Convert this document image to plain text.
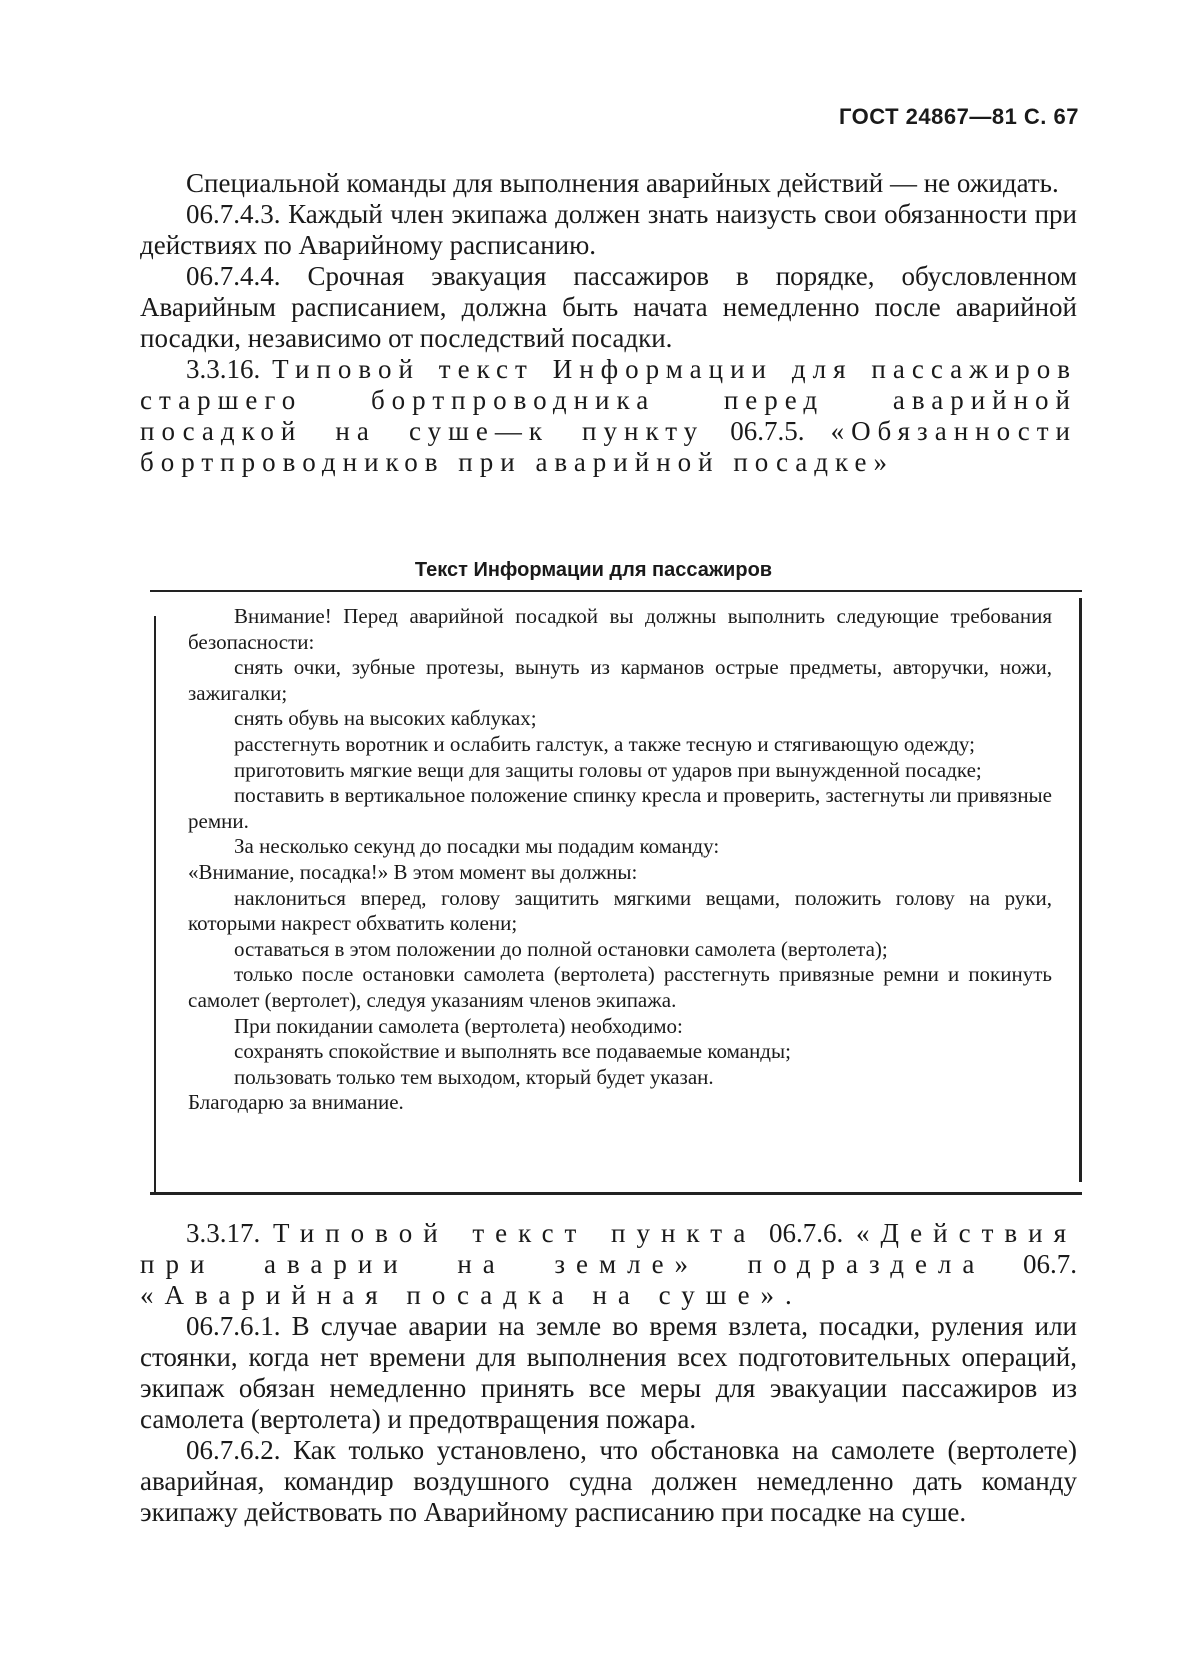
ГОСТ 24867—81 С. 67

Специальной команды для выполнения аварийных действий — не ожидать.

06.7.4.3. Каждый член экипажа должен знать наизусть свои обязанности при действиях по Аварийному расписанию.

06.7.4.4. Срочная эвакуация пассажиров в порядке, обусловленном Аварийным расписанием, должна быть начата немедленно после аварийной посадки, независимо от последствий посадки.

3.3.16. Типовой текст Информации для пассажиров старшего бортпроводника перед аварийной посадкой на суше—к пункту 06.7.5. «Обязанности бортпроводников при аварийной посадке»

Текст Информации для пассажиров

Внимание! Перед аварийной посадкой вы должны выполнить следующие требования безопасности:

снять очки, зубные протезы, вынуть из карманов острые предметы, авторучки, ножи, зажигалки;

снять обувь на высоких каблуках;

расстегнуть воротник и ослабить галстук, а также тесную и стягивающую одежду;

приготовить мягкие вещи для защиты головы от ударов при вынужденной посадке;

поставить в вертикальное положение спинку кресла и проверить, застегнуты ли привязные ремни.

За несколько секунд до посадки мы подадим команду:

«Внимание, посадка!» В этом момент вы должны:

наклониться вперед, голову защитить мягкими вещами, положить голову на руки, которыми накрест обхватить колени;

оставаться в этом положении до полной остановки самолета (вертолета);

только после остановки самолета (вертолета) расстегнуть привязные ремни и покинуть самолет (вертолет), следуя указаниям членов экипажа.

При покидании самолета (вертолета) необходимо:

сохранять спокойствие и выполнять все подаваемые команды;

пользовать только тем выходом, кторый будет указан.

Благодарю за внимание.

3.3.17. Типовой текст пункта 06.7.6. «Действия при аварии на земле» подраздела 06.7. «Аварийная посадка на суше».

06.7.6.1. В случае аварии на земле во время взлета, посадки, руления или стоянки, когда нет времени для выполнения всех подготовительных операций, экипаж обязан немедленно принять все меры для эвакуации пассажиров из самолета (вертолета) и предотвращения пожара.

06.7.6.2. Как только установлено, что обстановка на самолете (вертолете) аварийная, командир воздушного судна должен немедленно дать команду экипажу действовать по Аварийному расписанию при посадке на суше.
